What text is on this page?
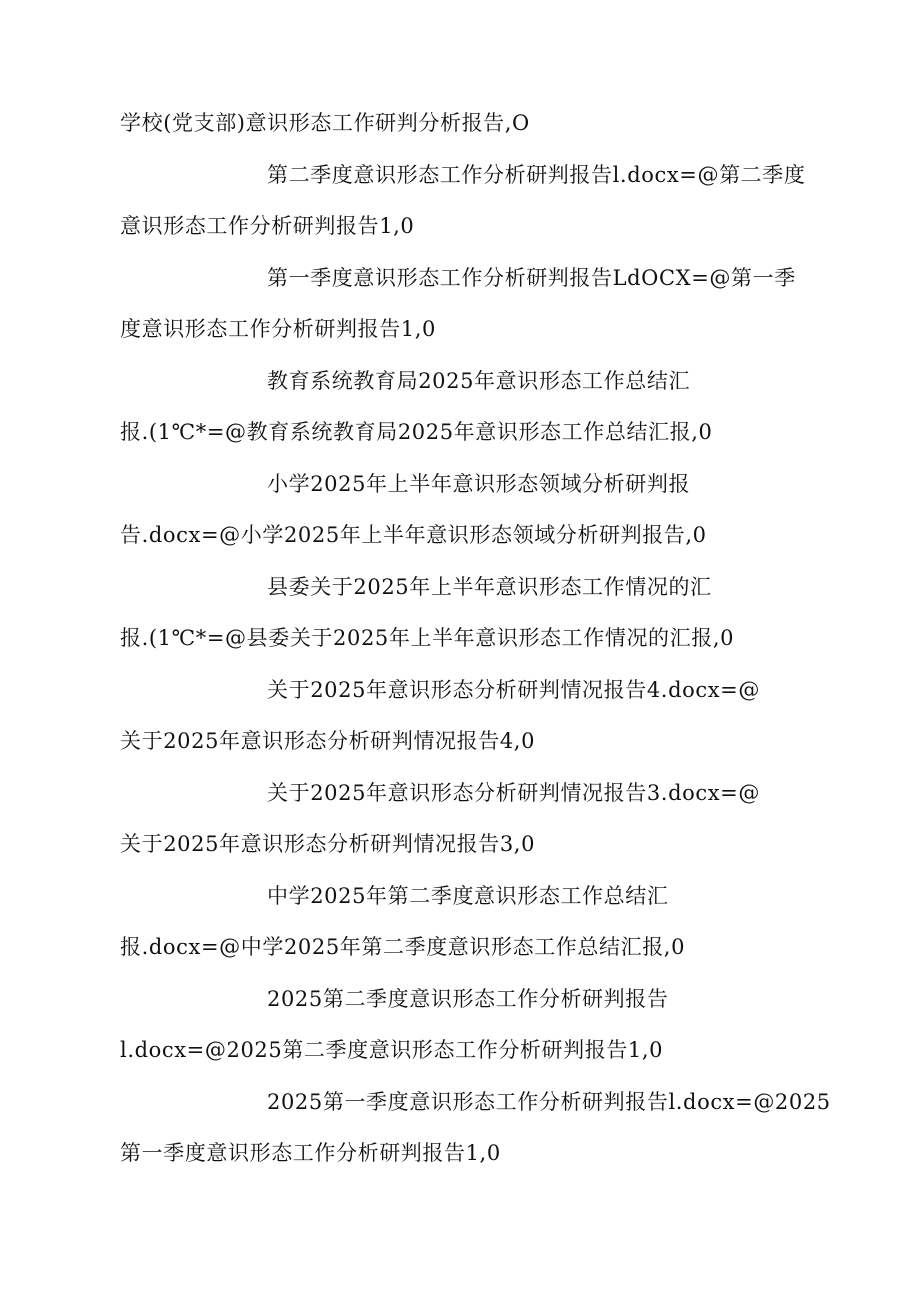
学校(党支部)意识形态工作研判分析报告,O
第二季度意识形态工作分析研判报告l.docx=@第二季度
意识形态工作分析研判报告1,0
第一季度意识形态工作分析研判报告LdOCX=@第一季
度意识形态工作分析研判报告1,0
教育系统教育局2025年意识形态工作总结汇
报.(1℃*=@教育系统教育局2025年意识形态工作总结汇报,0
小学2025年上半年意识形态领域分析研判报
告.docx=@小学2025年上半年意识形态领域分析研判报告,0
县委关于2025年上半年意识形态工作情况的汇
报.(1℃*=@县委关于2025年上半年意识形态工作情况的汇报,0
关于2025年意识形态分析研判情况报告4.docx=@
关于2025年意识形态分析研判情况报告4,0
关于2025年意识形态分析研判情况报告3.docx=@
关于2025年意识形态分析研判情况报告3,0
中学2025年第二季度意识形态工作总结汇
报.docx=@中学2025年第二季度意识形态工作总结汇报,0
2025第二季度意识形态工作分析研判报告
l.docx=@2025第二季度意识形态工作分析研判报告1,0
2025第一季度意识形态工作分析研判报告l.docx=@2025
第一季度意识形态工作分析研判报告1,0
